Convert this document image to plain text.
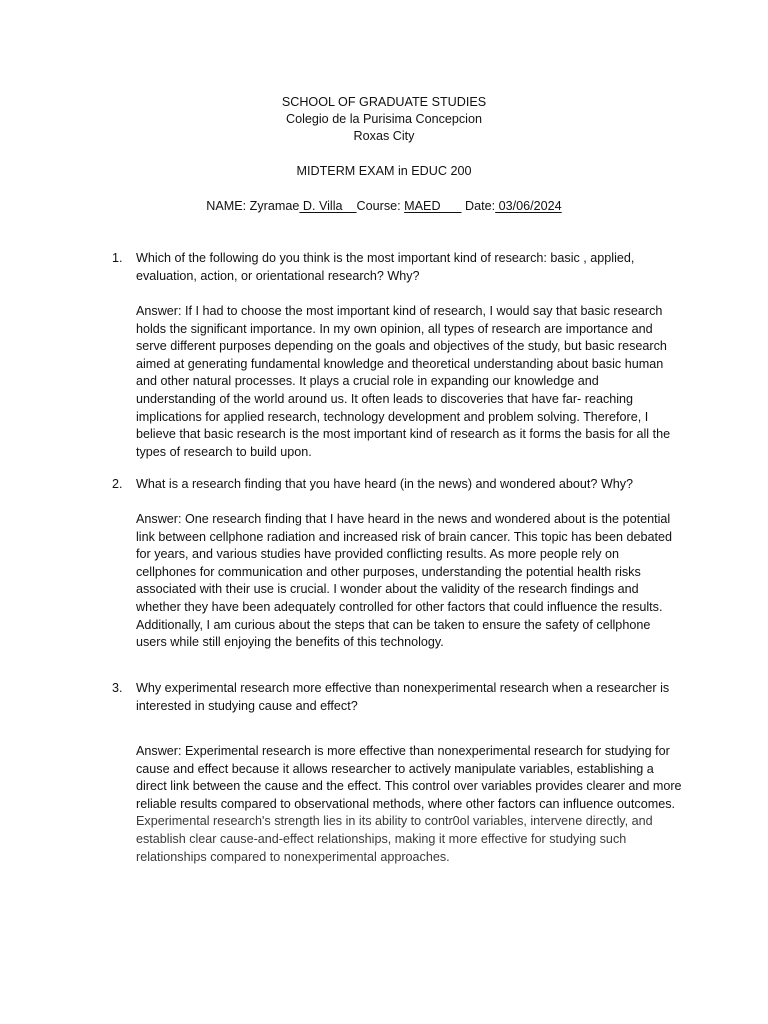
SCHOOL OF GRADUATE STUDIES
Colegio de la Purisima Concepcion
Roxas City
MIDTERM EXAM in EDUC 200
NAME: Zyramae D. Villa    Course: MAED       Date: 03/06/2024
1. Which of the following do you think is the most important kind of research: basic , applied, evaluation, action, or orientational research? Why?
Answer: If I had to choose the most important kind of research, I would say that basic research holds the significant importance. In my own opinion, all types of research are importance and serve different purposes depending on the goals and objectives of the study, but basic research aimed at generating fundamental knowledge and theoretical understanding about basic human and other natural processes. It plays a crucial role in expanding our knowledge and understanding of the world around us. It often leads to discoveries that have far- reaching implications for applied research, technology development and problem solving. Therefore, I believe that basic research is the most important kind of research as it forms the basis for all the types of research to build upon.
2. What is a research finding that you have heard (in the news) and wondered about? Why?
Answer: One research finding that I have heard in the news and wondered about is the potential link between cellphone radiation and increased risk of brain cancer. This topic has been debated for years, and various studies have provided conflicting results. As more people rely on cellphones for communication and other purposes, understanding the potential health risks associated with their use is crucial. I wonder about the validity of the research findings and whether they have been adequately controlled for other factors that could influence the results. Additionally, I am curious about the steps that can be taken to ensure the safety of cellphone users while still enjoying the benefits of this technology.
3. Why experimental research more effective than nonexperimental research when a researcher is interested in studying cause and effect?
Answer: Experimental research is more effective than nonexperimental research for studying for cause and effect because it allows researcher to actively manipulate variables, establishing a direct link between the cause and the effect. This control over variables provides clearer and more reliable results compared to observational methods, where other factors can influence outcomes. Experimental research's strength lies in its ability to contr0ol variables, intervene directly, and establish clear cause-and-effect relationships, making it more effective for studying such relationships compared to nonexperimental approaches.
